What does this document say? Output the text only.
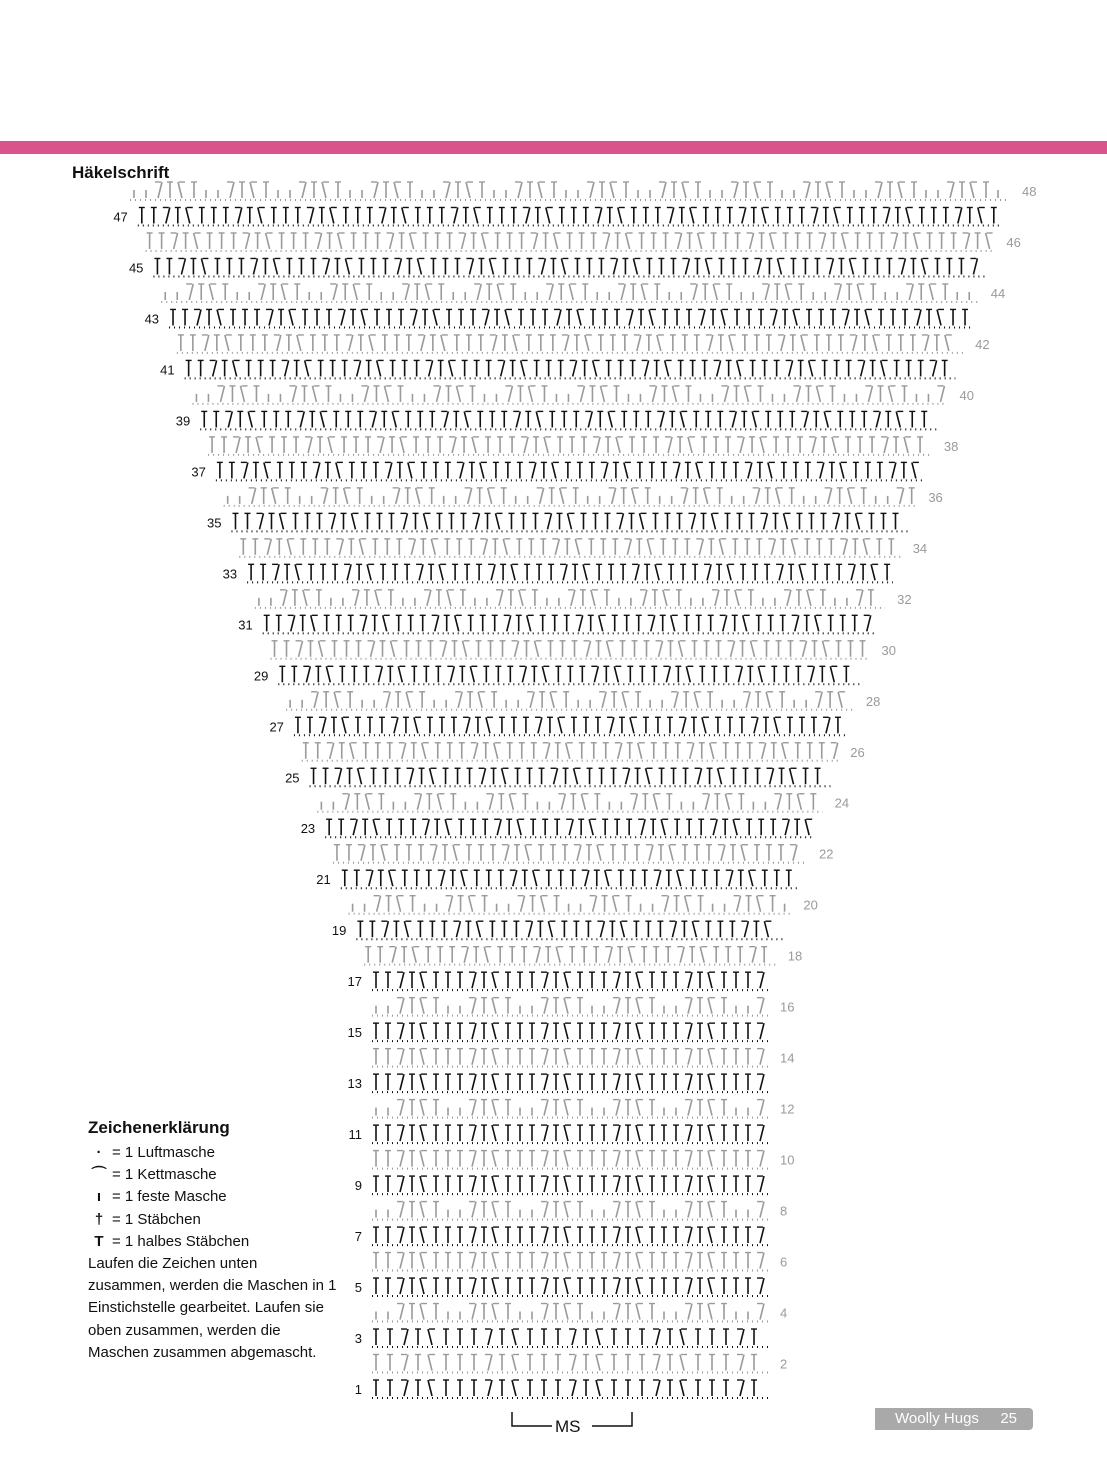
Häkelschrift
1
2
3
4
5
6
7
8
9
10
11
12
13
14
15
16
17
18
19
20
21
22
23
24
25
26
27
28
29
30
31
32
33
34
35
36
37
38
39
40
41
42
43
44
45
46
47
48
MS
Zeichenerklärung
· = 1 Luftmasche
⌒ = 1 Kettmasche
ı = 1 feste Masche
† = 1 Stäbchen
T = 1 halbes Stäbchen
Laufen die Zeichen unten zusammen, werden die Maschen in 1 Einstichstelle gearbeitet. Laufen sie oben zusammen, werden die Maschen zusammen abgemascht.
Woolly Hugs 25
